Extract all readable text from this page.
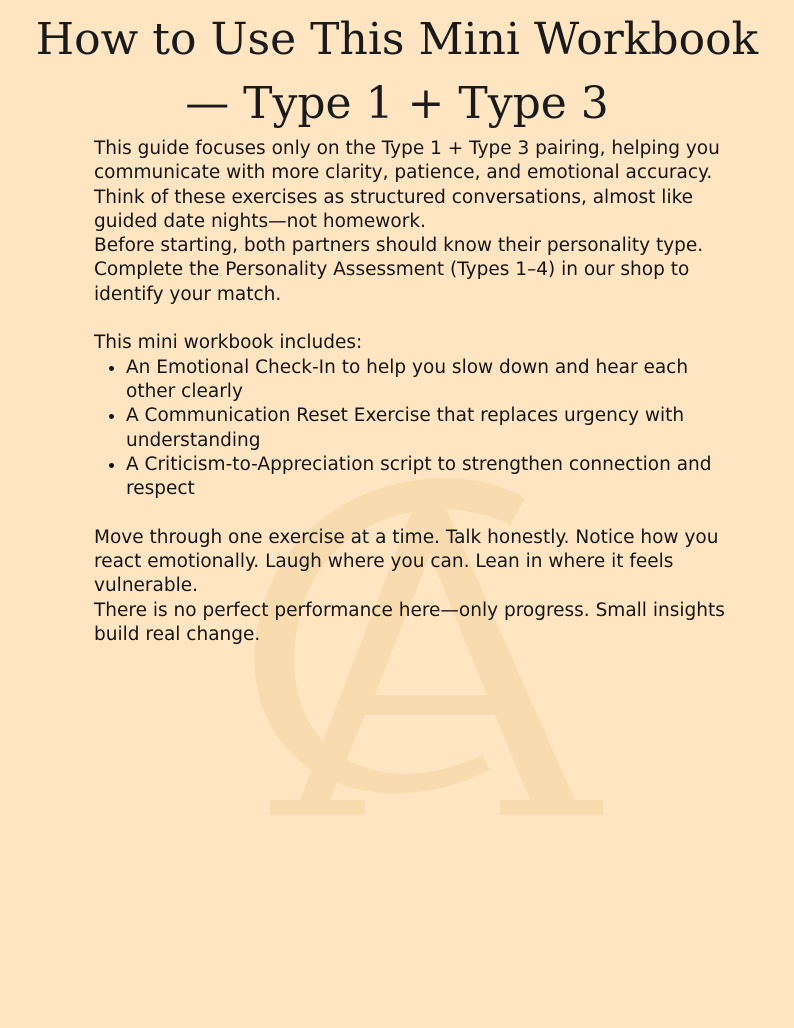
How to Use This Mini Workbook — Type 1 + Type 3

This guide focuses only on the Type 1 + Type 3 pairing, helping you communicate with more clarity, patience, and emotional accuracy. Think of these exercises as structured conversations, almost like guided date nights—not homework.

Before starting, both partners should know their personality type. Complete the Personality Assessment (Types 1–4) in our shop to identify your match.

This mini workbook includes:

• An Emotional Check-In to help you slow down and hear each other clearly
• A Communication Reset Exercise that replaces urgency with understanding
• A Criticism-to-Appreciation script to strengthen connection and respect

Move through one exercise at a time. Talk honestly. Notice how you react emotionally. Laugh where you can. Lean in where it feels vulnerable.

There is no perfect performance here—only progress. Small insights build real change.
